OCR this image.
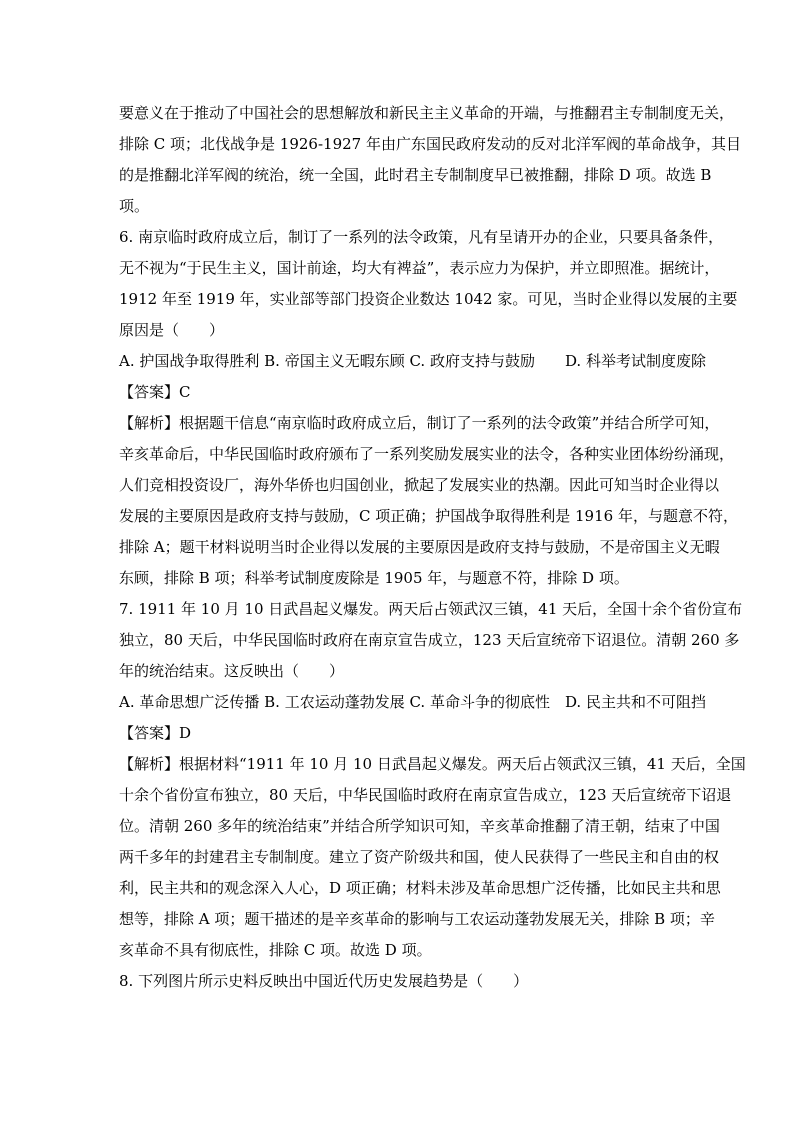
要意义在于推动了中国社会的思想解放和新民主主义革命的开端，与推翻君主专制制度无关，
排除 C 项；北伐战争是 1926-1927 年由广东国民政府发动的反对北洋军阀的革命战争，其目
的是推翻北洋军阀的统治，统一全国，此时君主专制制度早已被推翻，排除 D 项。故选 B
项。
6. 南京临时政府成立后，制订了一系列的法令政策，凡有呈请开办的企业，只要具备条件，
无不视为“于民生主义，国计前途，均大有裨益”，表示应力为保护，并立即照准。据统计，
1912 年至 1919 年，实业部等部门投资企业数达 1042 家。可见，当时企业得以发展的主要
原因是（　　）
A. 护国战争取得胜利 B. 帝国主义无暇东顾 C. 政府支持与鼓励　　D. 科举考试制度废除
【答案】C
【解析】根据题干信息“南京临时政府成立后，制订了一系列的法令政策”并结合所学可知，
辛亥革命后，中华民国临时政府颁布了一系列奖励发展实业的法令，各种实业团体纷纷涌现，
人们竞相投资设厂，海外华侨也归国创业，掀起了发展实业的热潮。因此可知当时企业得以
发展的主要原因是政府支持与鼓励，C 项正确；护国战争取得胜利是 1916 年，与题意不符，
排除 A；题干材料说明当时企业得以发展的主要原因是政府支持与鼓励，不是帝国主义无暇
东顾，排除 B 项；科举考试制度废除是 1905 年，与题意不符，排除 D 项。
7. 1911 年 10 月 10 日武昌起义爆发。两天后占领武汉三镇，41 天后，全国十余个省份宣布
独立，80 天后，中华民国临时政府在南京宣告成立，123 天后宣统帝下诏退位。清朝 260 多
年的统治结束。这反映出（　　）
A. 革命思想广泛传播 B. 工农运动蓬勃发展 C. 革命斗争的彻底性　D. 民主共和不可阻挡
【答案】D
【解析】根据材料“1911 年 10 月 10 日武昌起义爆发。两天后占领武汉三镇，41 天后，全国
十余个省份宣布独立，80 天后，中华民国临时政府在南京宣告成立，123 天后宣统帝下诏退
位。清朝 260 多年的统治结束”并结合所学知识可知，辛亥革命推翻了清王朝，结束了中国
两千多年的封建君主专制制度。建立了资产阶级共和国，使人民获得了一些民主和自由的权
利，民主共和的观念深入人心，D 项正确；材料未涉及革命思想广泛传播，比如民主共和思
想等，排除 A 项；题干描述的是辛亥革命的影响与工农运动蓬勃发展无关，排除 B 项；辛
亥革命不具有彻底性，排除 C 项。故选 D 项。
8. 下列图片所示史料反映出中国近代历史发展趋势是（　　）
